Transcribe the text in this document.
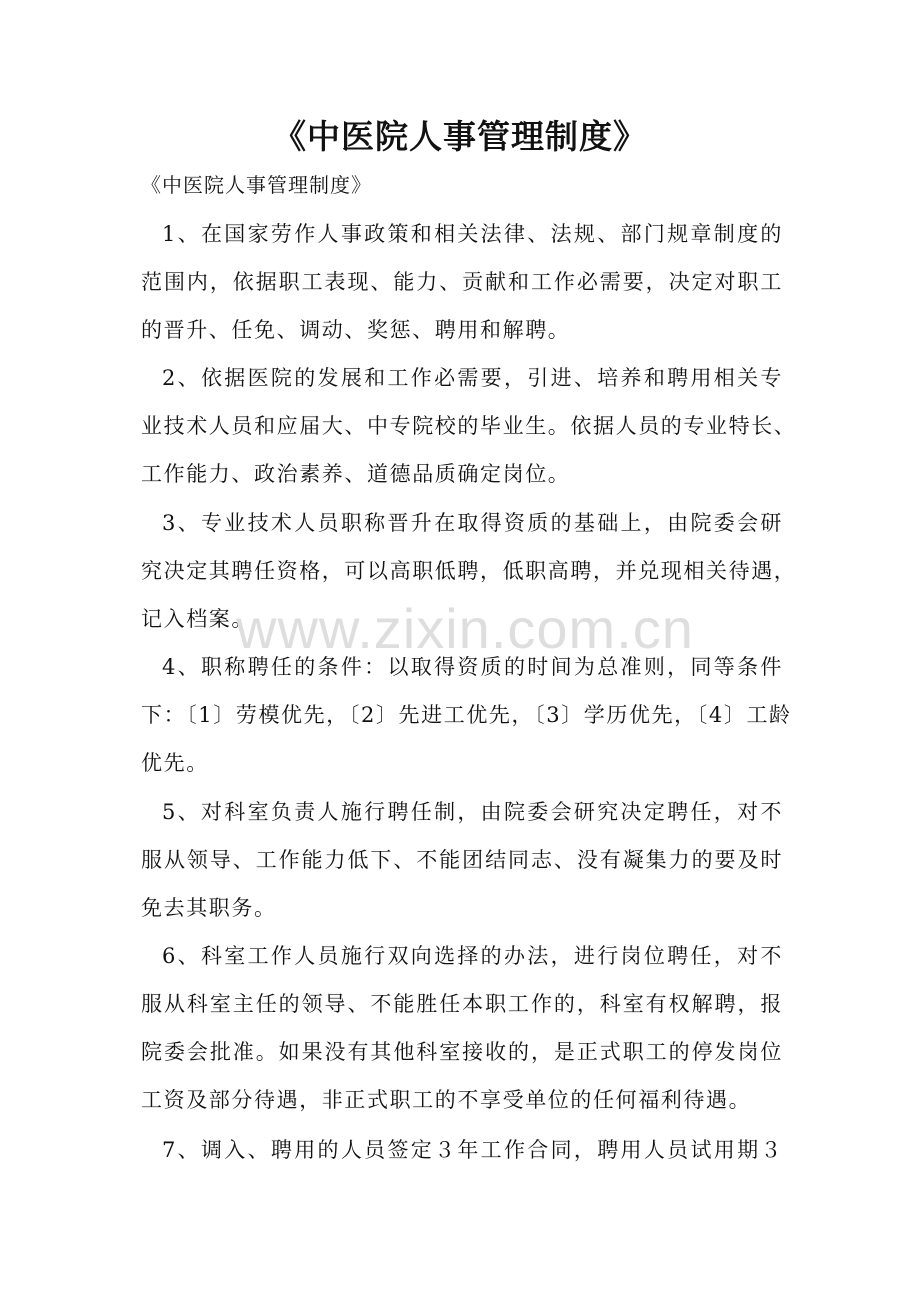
《中医院人事管理制度》
《中医院人事管理制度》
1、在国家劳作人事政策和相关法律、法规、部门规章制度的
范围内，依据职工表现、能力、贡献和工作必需要，决定对职工
的晋升、任免、调动、奖惩、聘用和解聘。
2、依据医院的发展和工作必需要，引进、培养和聘用相关专
业技术人员和应届大、中专院校的毕业生。依据人员的专业特长、
工作能力、政治素养、道德品质确定岗位。
3、专业技术人员职称晋升在取得资质的基础上，由院委会研
究决定其聘任资格，可以高职低聘，低职高聘，并兑现相关待遇，
记入档案。
4、职称聘任的条件：以取得资质的时间为总准则，同等条件
下：〔1〕劳模优先，〔2〕先进工优先，〔3〕学历优先，〔4〕工龄
优先。
5、对科室负责人施行聘任制，由院委会研究决定聘任，对不
服从领导、工作能力低下、不能团结同志、没有凝集力的要及时
免去其职务。
6、科室工作人员施行双向选择的办法，进行岗位聘任，对不
服从科室主任的领导、不能胜任本职工作的，科室有权解聘，报
院委会批准。如果没有其他科室接收的，是正式职工的停发岗位
工资及部分待遇，非正式职工的不享受单位的任何福利待遇。
7、调入、聘用的人员签定３年工作合同，聘用人员试用期３
www.zixin.com.cn
